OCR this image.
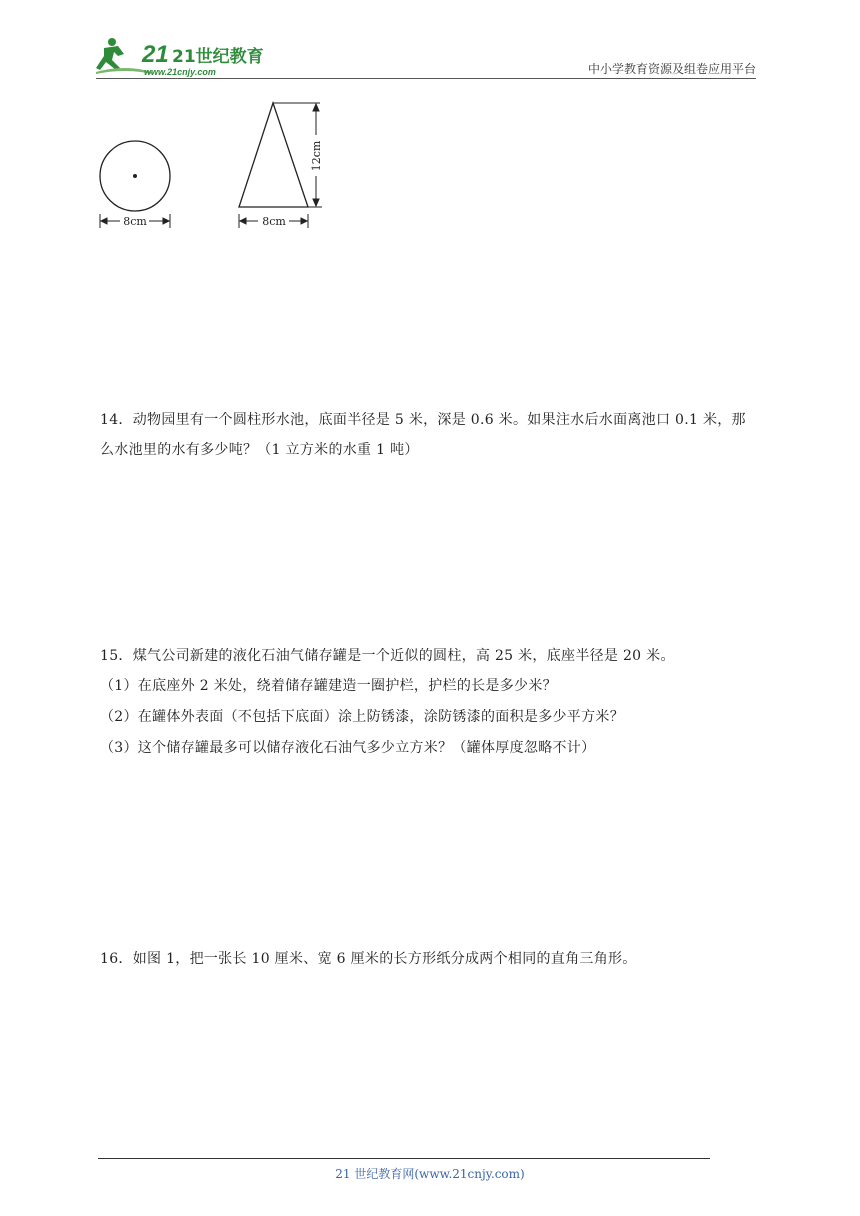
21 21世纪教育
www.21cnjy.com	中小学教育资源及组卷应用平台
8cm
12cm
8cm

14．动物园里有一个圆柱形水池，底面半径是 5 米，深是 0.6 米。如果注水后水面离池口 0.1 米，那

么水池里的水有多少吨？（1 立方米的水重 1 吨）

15．煤气公司新建的液化石油气储存罐是一个近似的圆柱，高 25 米，底座半径是 20 米。

（1）在底座外 2 米处，绕着储存罐建造一圈护栏，护栏的长是多少米？

（2）在罐体外表面（不包括下底面）涂上防锈漆，涂防锈漆的面积是多少平方米？

（3）这个储存罐最多可以储存液化石油气多少立方米？（罐体厚度忽略不计）

16．如图 1，把一张长 10 厘米、宽 6 厘米的长方形纸分成两个相同的直角三角形。

21 世纪教育网(www.21cnjy.com)
